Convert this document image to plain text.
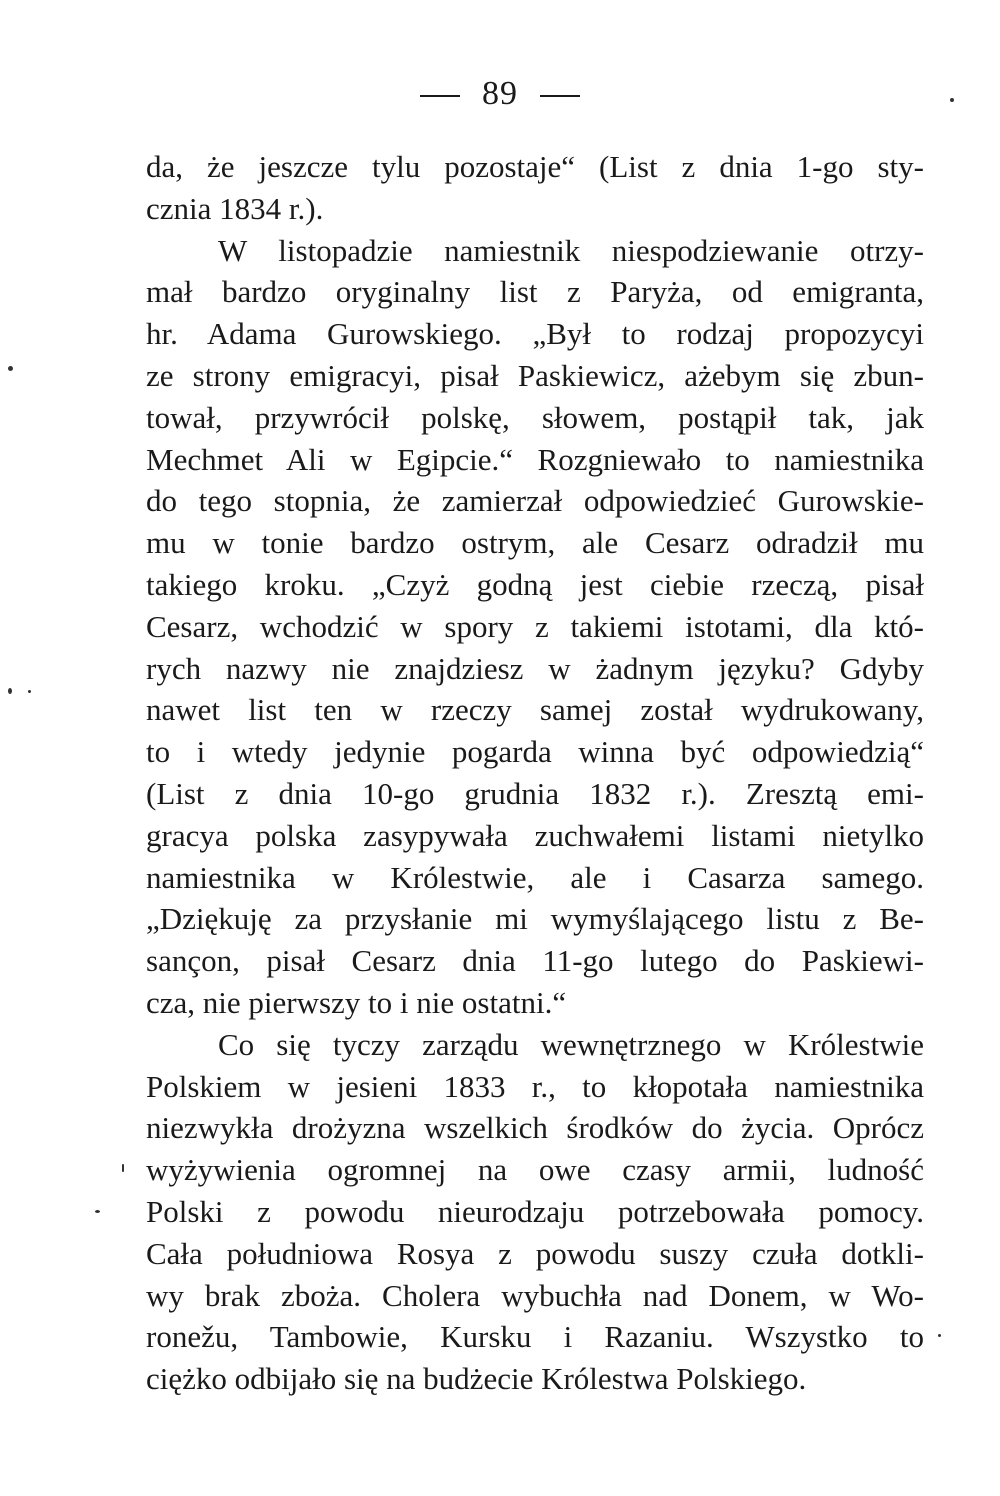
89
da, że jeszcze tylu pozostaje“ (List z dnia 1-go sty-
cznia 1834 r.).
W listopadzie namiestnik niespodziewanie otrzy-
mał bardzo oryginalny list z Paryża, od emigranta,
hr. Adama Gurowskiego. „Był to rodzaj propozycyi
ze strony emigracyi, pisał Paskiewicz, ażebym się zbun-
tował, przywrócił polskę, słowem, postąpił tak, jak
Mechmet Ali w Egipcie.“ Rozgniewało to namiestnika
do tego stopnia, że zamierzał odpowiedzieć Gurowskie-
mu w tonie bardzo ostrym, ale Cesarz odradził mu
takiego kroku. „Czyż godną jest ciebie rzeczą, pisał
Cesarz, wchodzić w spory z takiemi istotami, dla któ-
rych nazwy nie znajdziesz w żadnym języku? Gdyby
nawet list ten w rzeczy samej został wydrukowany,
to i wtedy jedynie pogarda winna być odpowiedzią“
(List z dnia 10-go grudnia 1832 r.). Zresztą emi-
gracya polska zasypywała zuchwałemi listami nietylko
namiestnika w Królestwie, ale i Casarza samego.
„Dziękuję za przysłanie mi wymyślającego listu z Be-
sançon, pisał Cesarz dnia 11-go lutego do Paskiewi-
cza, nie pierwszy to i nie ostatni.“
Co się tyczy zarządu wewnętrznego w Królestwie
Polskiem w jesieni 1833 r., to kłopotała namiestnika
niezwykła drożyzna wszelkich środków do życia. Oprócz
wyżywienia ogromnej na owe czasy armii, ludność
Polski z powodu nieurodzaju potrzebowała pomocy.
Cała południowa Rosya z powodu suszy czuła dotkli-
wy brak zboża. Cholera wybuchła nad Donem, w Wo-
ronežu, Tambowie, Kursku i Razaniu. Wszystko to
ciężko odbijało się na budżecie Królestwa Polskiego.
